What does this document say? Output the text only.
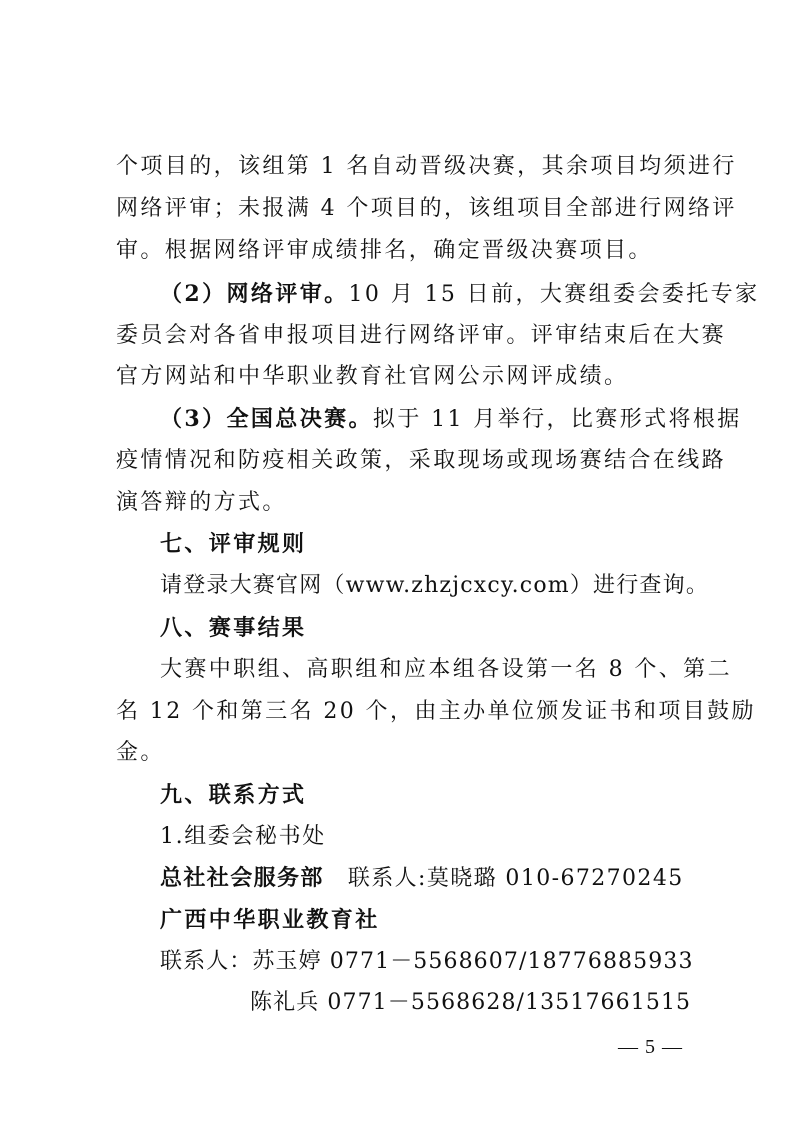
个项目的，该组第 1 名自动晋级决赛，其余项目均须进行
网络评审；未报满 4 个项目的，该组项目全部进行网络评
审。根据网络评审成绩排名，确定晋级决赛项目。
（2）网络评审。10 月 15 日前，大赛组委会委托专家
委员会对各省申报项目进行网络评审。评审结束后在大赛
官方网站和中华职业教育社官网公示网评成绩。
（3）全国总决赛。拟于 11 月举行，比赛形式将根据
疫情情况和防疫相关政策，采取现场或现场赛结合在线路
演答辩的方式。
七、评审规则
请登录大赛官网（www.zhzjcxcy.com）进行查询。
八、赛事结果
大赛中职组、高职组和应本组各设第一名 8 个、第二
名 12 个和第三名 20 个，由主办单位颁发证书和项目鼓励
金。
九、联系方式
1.组委会秘书处
总社社会服务部 联系人:莫晓璐 010-67270245
广西中华职业教育社
联系人：苏玉婷 0771－5568607/18776885933
陈礼兵 0771－5568628/13517661515
— 5 —
